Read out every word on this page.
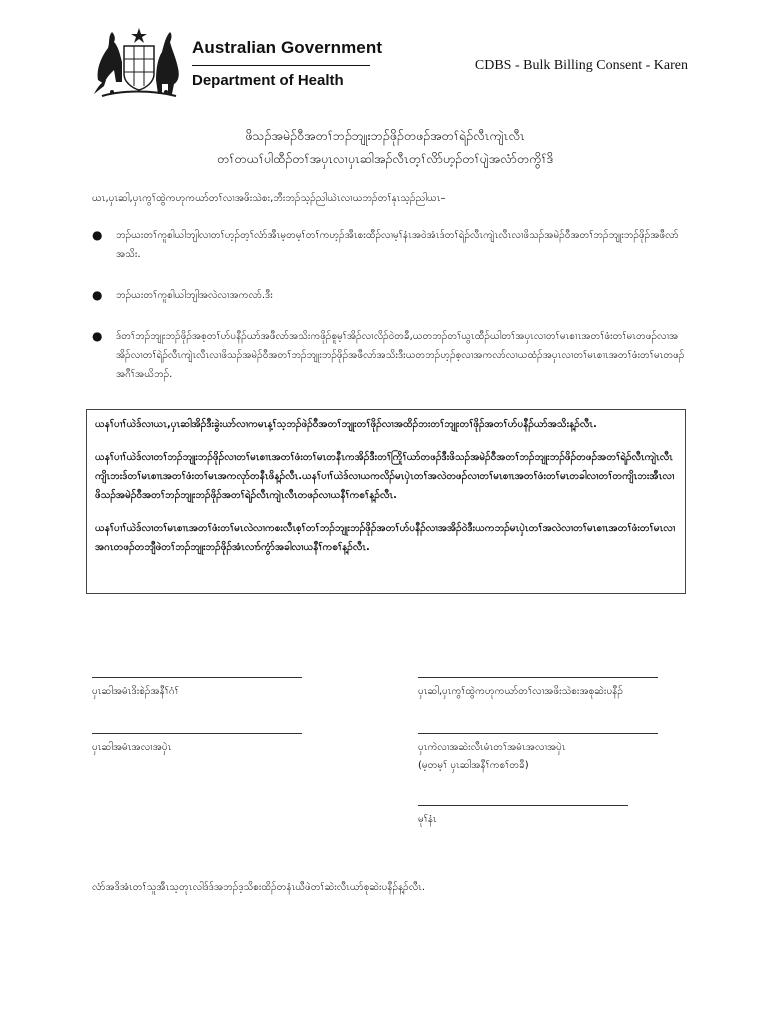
Australian Government
Department of Health
CDBS - Bulk Billing Consent - Karen
ဖိသၣ်အမဲၣ်ဝီအတၢ်ဘၣ်ဘျုးဘၣ်ဖိုၣ်တဖၣ်အတၢ်ရဲၣ်လီၤကျဲၤလီၤ
တၢ်တယၢ်ပါထီၣ်တၢ်အပှၤလၢပှၤဆါအၣ်လီၤတ့ၢ်လိာ်ဟ့ၣ်တၢ်ပျဲအလံာ်တကွိၢ်ဒိ
ယၤ,ပှၤဆါ,ပှၤကွၢ်ထွဲကဟုကယာ်တၢ်လၢအဖိးသဲစး,ဘီးဘၣ်သ့ၣ်ညါယဲၤလၢယဘၣ်တၢ်နုၤသ့ၣ်ညါယၤ–
● ဘၣ်ယးတၢ်ကူစါယါဘျါလၢတၢ်ဟ့ၣ်တ့ၢ်လံာ်အီၤမ့တမ့ၢ်တၢ်ကဟ့ၣ်အီၤစးထီၣ်လၢမ့ၢ်နံၤအဝဲအံၤဒ်တၢ်ရဲၣ်လီၤကျဲၤလီၤလၢဖိသၣ်အမဲၣ်ဝီအတၢ်ဘၣ်ဘျုးဘၣ်ဖိုၣ်အဖီလာ်အသိး.
● ဘၣ်ယးတၢ်ကူစါယါဘျါအလဲလၢအကလာ်.ဒီး
● ဒ်တၢ်ဘၣ်ဘျုးဘၣ်ဖိုၣ်အစ့တၢ်ဟ်ပနီၣ်ယာ်အဖီလာ်အသိးကဖိုၣ်စူမ့ၢ်အိၣ်လၢလိၣ်ဝဲတခီ,ယတဘၣ်တၢ်ယွၤထီၣ်ယါတၢ်အပှၤလၢတၢ်မၤစၢၤအတၢ်ဖံးတၢ်မၤတဖၣ်လၢအအိၣ်လၢတၢ်ရဲၣ်လီၤကျဲၤလီၤလၢဖိသၣ်အမဲၣ်ဝီအတၢ်ဘၣ်ဘျုးဘၣ်ဖိုၣ်အဖီလာ်အသိးဒီးယတဘၣ်ဟ့ၣ်စ့လၢအကလာ်လၢယထံၣ်အပှၤလၢတၢ်မၤစၢၤအတၢ်ဖံးတၢ်မၤတဖၣ်အဂီၢ်အယိဘၣ်.

ယနၢ်ပၢၢ်ယဲဒ်လၢယၤ,ပှၤဆါအိၣ်ဒီးခွဲးယာ်လၢကမၤန့ၢ်သ့ဘၣ်ဖဲၣ်ဝီအတၢ်ဘျုးတၢ်ဖိုၣ်လၢအထိၣ်ဘးတၢ်ဘျုးတၢ်ဖိုၣ်အတၢ်ဟ်ပနီၣ်ယာ်အသိးန့ၣ်လီၤ.

ယနၢ်ပၢၢ်ယဲဒ်လၢတၢ်ဘၣ်ဘျုးဘၣ်ဖိုၣ်လၢတၢ်မၤစၢၤအတၢ်ဖံးတၢ်မၤတနီၤကအိၣ်ဒီးတၢ်ကြိၢ်ယာ်တဖၣ်ဒီးဖိသၣ်အမဲၣ်ဝီအတၢ်ဘၣ်ဘျုးဘၣ်ဖိုၣ်တဖၣ်အတၢ်ရဲၣ်လီၤကျဲၤလီၤကျိၤဘးဒ်တၢ်မၤစၢၤအတၢ်ဖံးတၢ်မၤအကလုာ်တနီၤဖိန့ၣ်လီၤ.ယနၢ်ပၢၢ်ယဲဒ်လၢယကလိၣ်မၤပှဲၤတၢ်အလဲတဖၣ်လၢတၢ်မၤစၢၤအတၢ်ဖံးတၢ်မၤတခါလၢတၢ်တကျိၤဘးအီၤလၢဖိသၣ်အမဲၣ်ဝီအတၢ်ဘၣ်ဘျုးဘၣ်ဖိုၣ်အတၢ်ရဲၣ်လီၤကျဲၤလီၤတဖၣ်လၢယနီၢ်ကစၢ်န့ၣ်လီၤ.

ယနၢ်ပၢၢ်ယဲဒ်လၢတၢ်မၤစၢၤအတၢ်ဖံးတၢ်မၤလဲလၢကစးလီၤစ့ၢ်တၢ်ဘၣ်ဘျုးဘၣ်ဖိုၣ်အတၢ်ဟ်ပနီၣ်လၢအအိၣ်ဝဲဒီးယကဘၣ်မၤပှဲၤတၢ်အလဲလၢတၢ်မၤစၢၤအတၢ်ဖံးတၢ်မၤလၢအဂၤတဖၣ်တဘျီဖဲတၢ်ဘၣ်ဘျုးဘၣ်ဖိုၣ်အံၤလၢာ်ကွံာ်အခါလၢယနီၢ်ကစၢ်န့ၣ်လီၤ.

ပှၤဆါအမံၤဒိးစဲၣ်အနီၢ်ဂံၢ်	ပှၤဆါ,ပှၤကွၢ်ထွဲကဟုကယာ်တၢ်လၢအဖိးသဲစးအစုဆဲးပနီၣ်
ပှၤဆါအမံၤအလၢအပှဲၤ	ပှၤကဲလၢအဆဲးလီၤမံၤတၢ်အမံၤအလၢအပှဲၤ
(မ့တမ့ၢ် ပှၤဆါအနီၢ်ကစၢ်တခီ)
မုၢ်နံၤ
လံာ်အဒိအံၤတၢ်သူအီၤသ့တုၤလါဒ်ဒ်အဘၣ်ဒ့သိစးထိၣ်တနံၤယီဖဲတၢ်ဆဲးလီၤယာ်စုဆဲးပနီၣ်န့ၣ်လီၤ.
